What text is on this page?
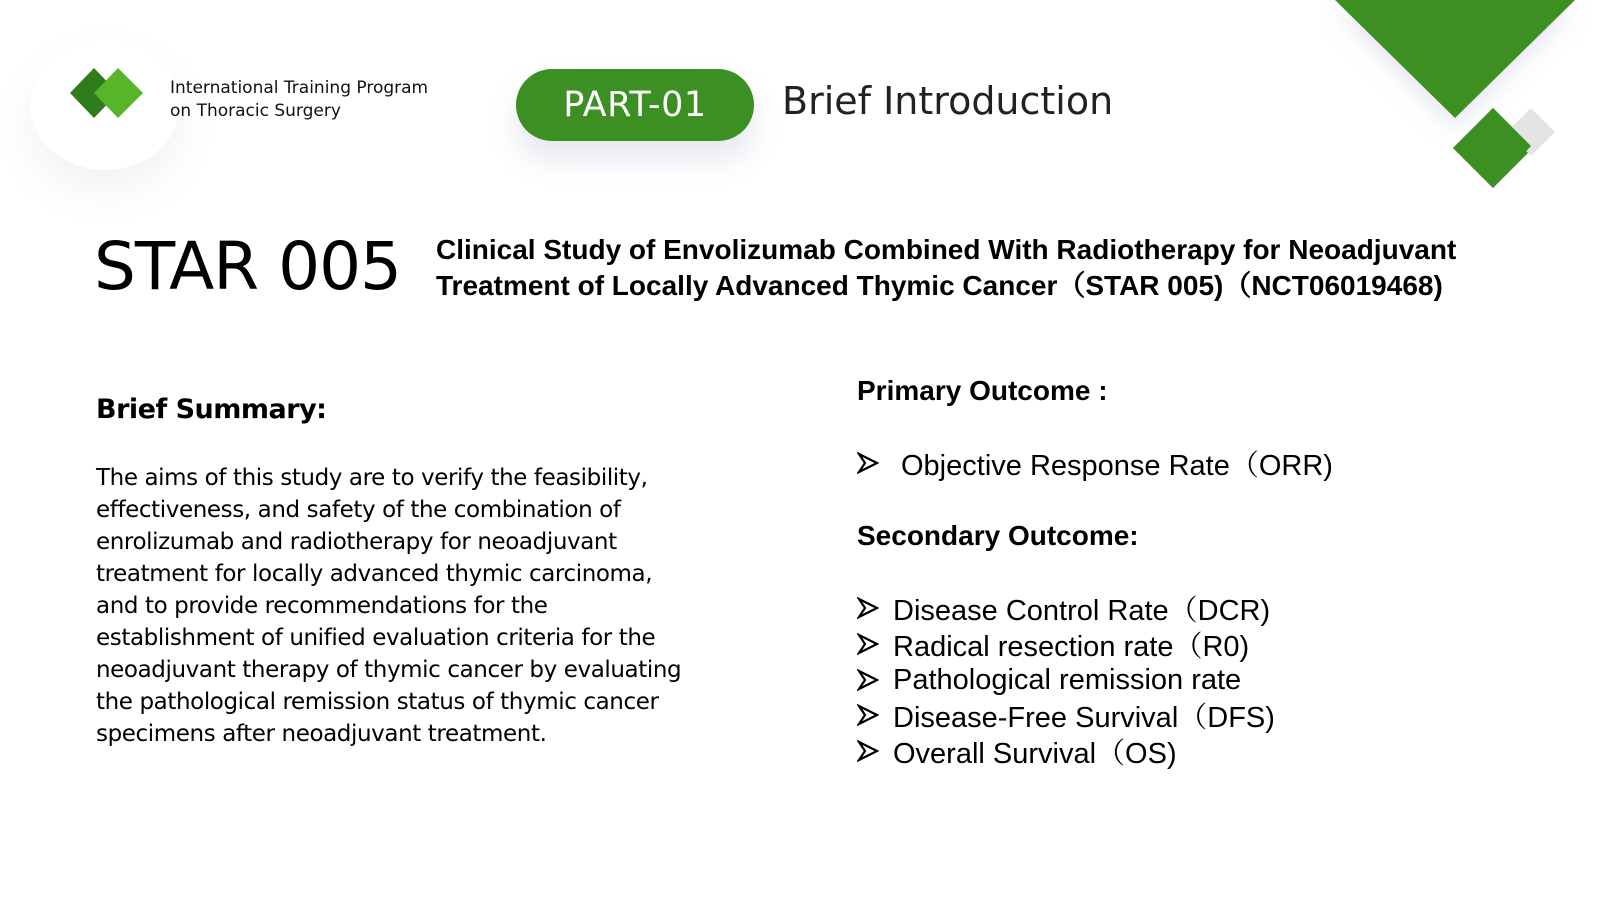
International Training Program
on Thoracic Surgery	PART-01	Brief Introduction
STAR 005 Clinical Study of Envolizumab Combined With Radiotherapy for Neoadjuvant
Treatment of Locally Advanced Thymic Cancer（STAR 005)（NCT06019468)
Brief Summary:
The aims of this study are to verify the feasibility,
effectiveness, and safety of the combination of
enrolizumab and radiotherapy for neoadjuvant
treatment for locally advanced thymic carcinoma,
and to provide recommendations for the
establishment of unified evaluation criteria for the
neoadjuvant therapy of thymic cancer by evaluating
the pathological remission status of thymic cancer
specimens after neoadjuvant treatment.
Primary Outcome :
Objective Response Rate（ORR)
Secondary Outcome:
Disease Control Rate（DCR)
Radical resection rate（R0)
Pathological remission rate
Disease-Free Survival（DFS)
Overall Survival（OS)
